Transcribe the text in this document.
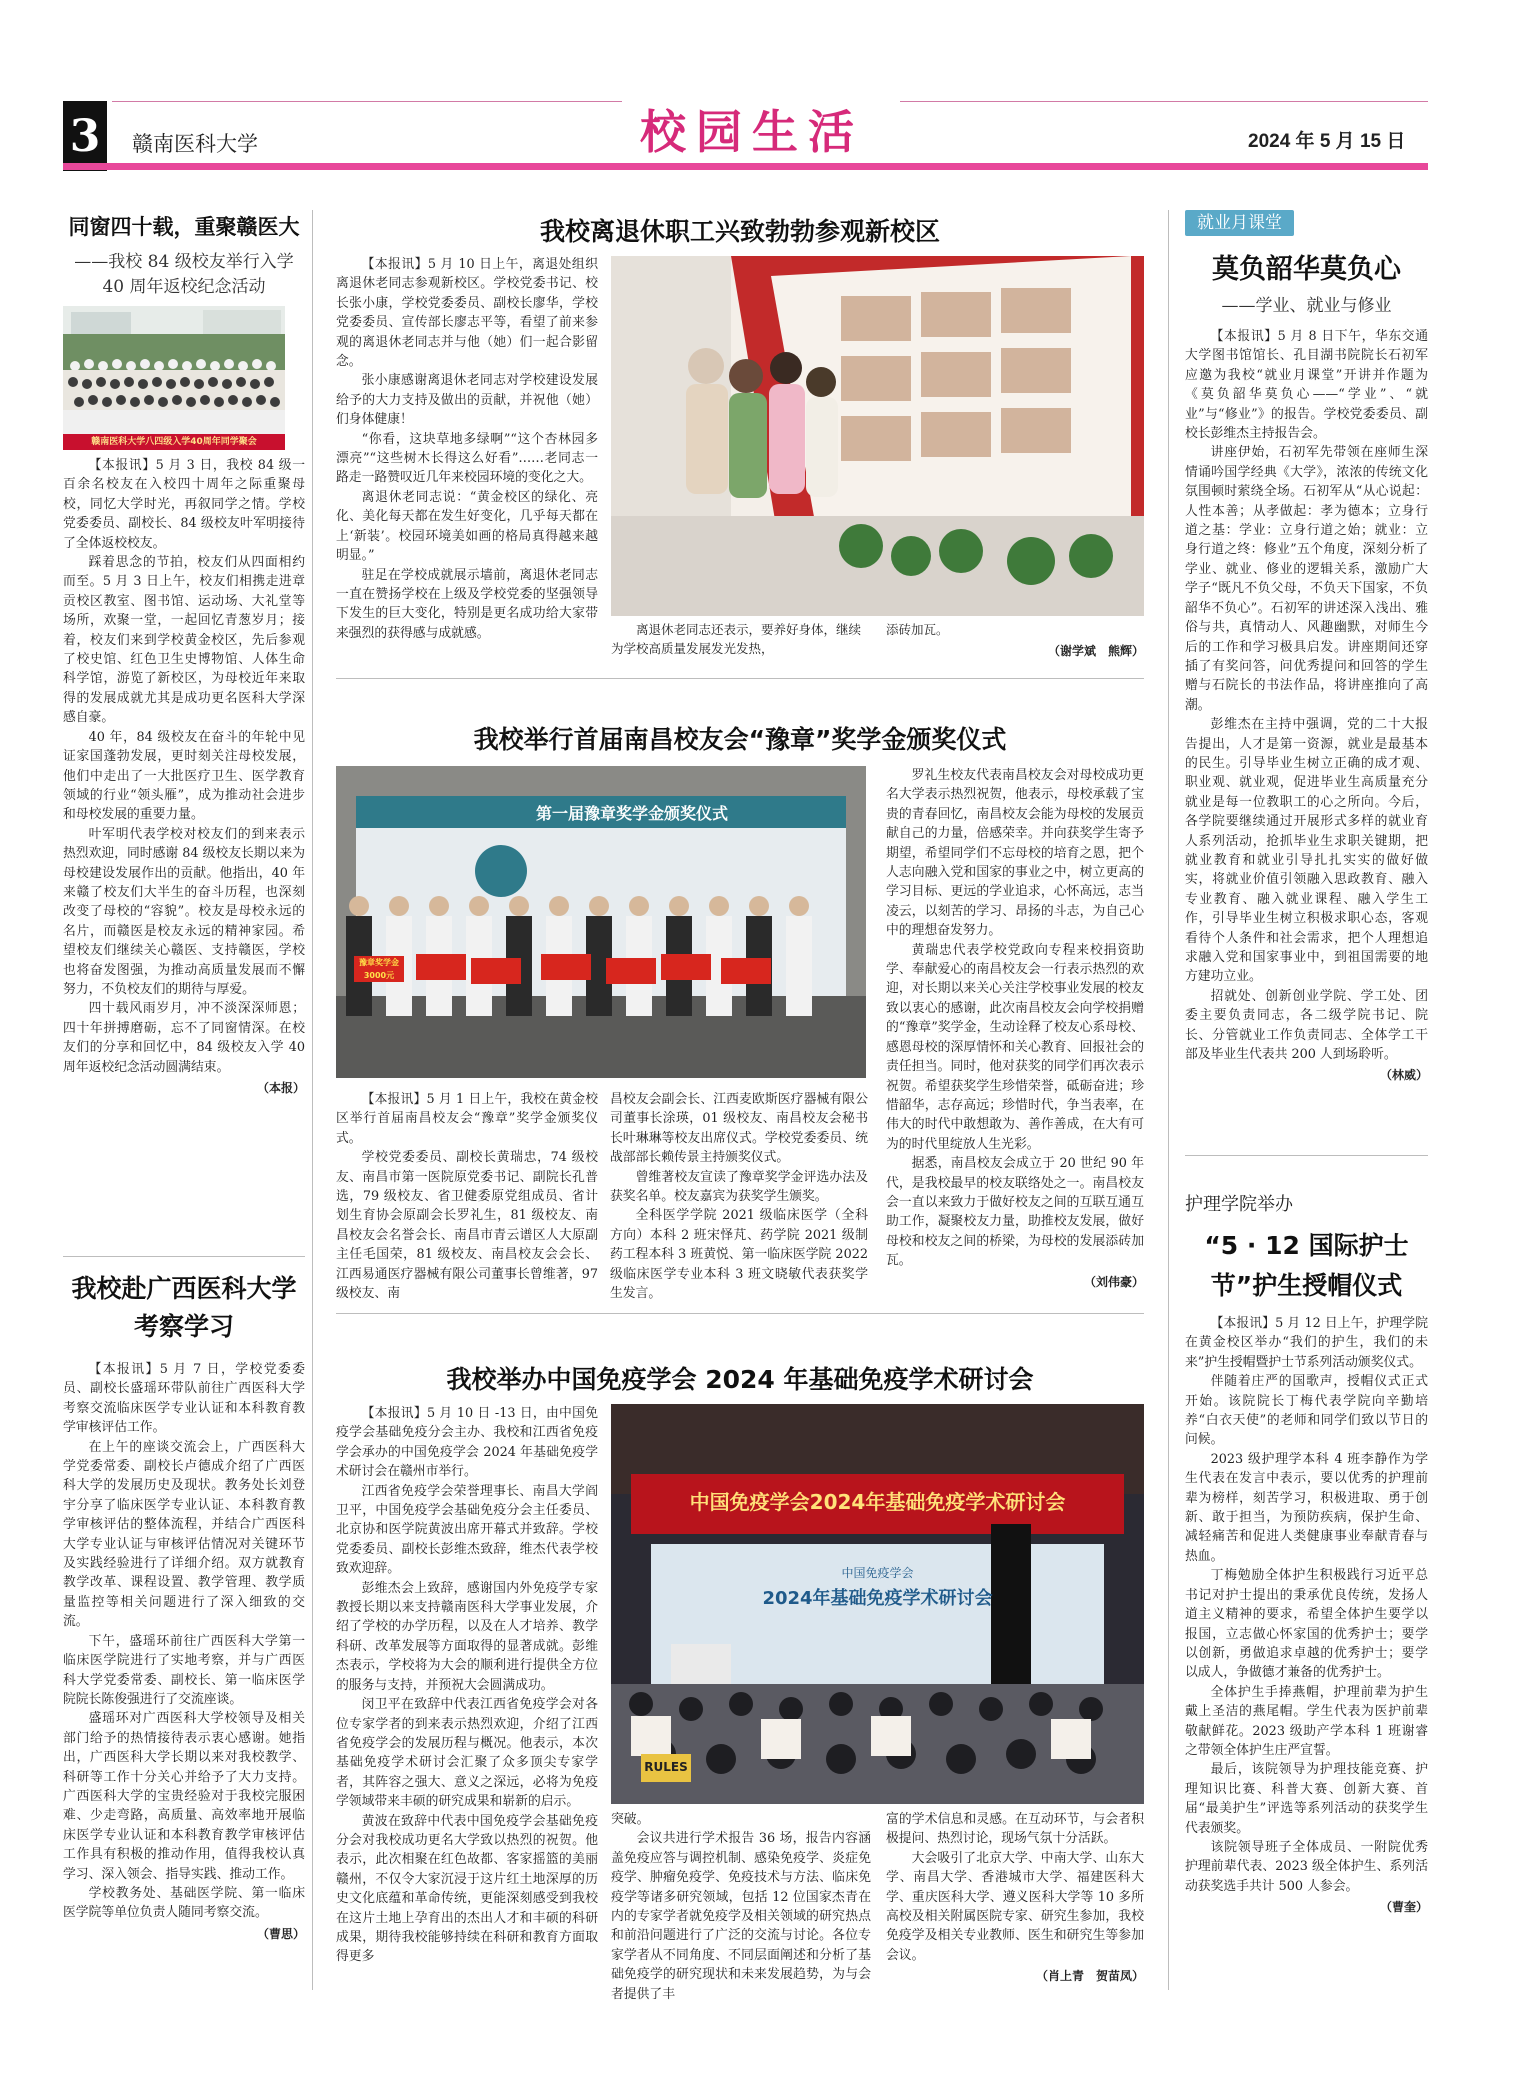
3	赣南医科大学	校园生活	2024 年 5 月 15 日
同窗四十载，重聚赣医大
——我校 84 级校友举行入学 40 周年返校纪念活动
赣南医科大学八四级入学40周年同学聚会

【本报讯】5 月 3 日，我校 84 级一百余名校友在入校四十周年之际重聚母校，同忆大学时光，再叙同学之情。学校党委委员、副校长、84 级校友叶军明接待了全体返校校友。

踩着思念的节拍，校友们从四面相约而至。5 月 3 日上午，校友们相携走进章贡校区教室、图书馆、运动场、大礼堂等场所，欢聚一堂，一起回忆青葱岁月；接着，校友们来到学校黄金校区，先后参观了校史馆、红色卫生史博物馆、人体生命科学馆，游览了新校区，为母校近年来取得的发展成就尤其是成功更名医科大学深感自豪。

40 年，84 级校友在奋斗的年轮中见证家国蓬勃发展，更时刻关注母校发展，他们中走出了一大批医疗卫生、医学教育领域的行业“领头雁”，成为推动社会进步和母校发展的重要力量。

叶军明代表学校对校友们的到来表示热烈欢迎，同时感谢 84 级校友长期以来为母校建设发展作出的贡献。他指出，40 年来赣了校友们大半生的奋斗历程，也深刻改变了母校的“容貌”。校友是母校永远的名片，而赣医是校友永远的精神家园。希望校友们继续关心赣医、支持赣医，学校也将奋发图强，为推动高质量发展而不懈努力，不负校友们的期待与厚爱。

四十载风雨岁月，冲不淡深深师恩；四十年拼搏磨砺，忘不了同窗情深。在校友们的分享和回忆中，84 级校友入学 40 周年返校纪念活动圆满结束。

（本报）
我校赴广西医科大学考察学习

【本报讯】5 月 7 日，学校党委委员、副校长盛瑶环带队前往广西医科大学考察交流临床医学专业认证和本科教育教学审核评估工作。

在上午的座谈交流会上，广西医科大学党委常委、副校长卢德成介绍了广西医科大学的发展历史及现状。教务处长刘登宇分享了临床医学专业认证、本科教育教学审核评估的整体流程，并结合广西医科大学专业认证与审核评估情况对关键环节及实践经验进行了详细介绍。双方就教育教学改革、课程设置、教学管理、教学质量监控等相关问题进行了深入细致的交流。

下午，盛瑶环前往广西医科大学第一临床医学院进行了实地考察，并与广西医科大学党委常委、副校长、第一临床医学院院长陈俊强进行了交流座谈。

盛瑶环对广西医科大学校领导及相关部门给予的热情接待表示衷心感谢。她指出，广西医科大学长期以来对我校教学、科研等工作十分关心并给予了大力支持。广西医科大学的宝贵经验对于我校完服困难、少走弯路，高质量、高效率地开展临床医学专业认证和本科教育教学审核评估工作具有积极的推动作用，值得我校认真学习、深入领会、指导实践、推动工作。

学校教务处、基础医学院、第一临床医学院等单位负责人随同考察交流。

（曹思）
我校离退休职工兴致勃勃参观新校区

【本报讯】5 月 10 日上午，离退处组织离退休老同志参观新校区。学校党委书记、校长张小康，学校党委委员、副校长廖华，学校党委委员、宣传部长廖志平等，看望了前来参观的离退休老同志并与他（她）们一起合影留念。

张小康感谢离退休老同志对学校建设发展给予的大力支持及做出的贡献，并祝他（她）们身体健康！

“你看，这块草地多绿啊”“这个杏林园多漂亮”“这些树木长得这么好看”……老同志一路走一路赞叹近几年来校园环境的变化之大。

离退休老同志说：“黄金校区的绿化、亮化、美化每天都在发生好变化，几乎每天都在上‘新装’。校园环境美如画的格局真得越来越明显。”

驻足在学校成就展示墙前，离退休老同志一直在赞扬学校在上级及学校党委的坚强领导下发生的巨大变化，特别是更名成功给大家带来强烈的获得感与成就感。	离退休老同志还表示，要养好身体，继续为学校高质量发展发光发热，
添砖加瓦。
（谢学斌　熊辉）
我校举行首届南昌校友会“豫章”奖学金颁奖仪式
第一届豫章奖学金颁奖仪式
豫章奖学金 3000元

【本报讯】5 月 1 日上午，我校在黄金校区举行首届南昌校友会“豫章”奖学金颁奖仪式。

学校党委委员、副校长黄瑞忠，74 级校友、南昌市第一医院原党委书记、副院长孔普选，79 级校友、省卫健委原党组成员、省计划生育协会原副会长罗礼生，81 级校友、南昌校友会名誉会长、南昌市青云谱区人大原副主任毛国荣，81 级校友、南昌校友会会长、江西易通医疗器械有限公司董事长曾维著，97 级校友、南

昌校友会副会长、江西麦欧斯医疗器械有限公司董事长涂瑛，01 级校友、南昌校友会秘书长叶琳琳等校友出席仪式。学校党委委员、统战部部长赖传景主持颁奖仪式。

曾维著校友宣读了豫章奖学金评选办法及获奖名单。校友嘉宾为获奖学生颁奖。

全科医学学院 2021 级临床医学（全科方向）本科 2 班宋怿芃、药学院 2021 级制药工程本科 3 班黄悦、第一临床医学院 2022 级临床医学专业本科 3 班文晓敏代表获奖学生发言。

罗礼生校友代表南昌校友会对母校成功更名大学表示热烈祝贺，他表示，母校承载了宝贵的青春回忆，南昌校友会能为母校的发展贡献自己的力量，倍感荣幸。并向获奖学生寄予期望，希望同学们不忘母校的培育之恩，把个人志向融入党和国家的事业之中，树立更高的学习目标、更远的学业追求，心怀高远，志当凌云，以刻苦的学习、昂扬的斗志，为自己心中的理想奋发努力。

黄瑞忠代表学校党政向专程来校捐资助学、奉献爱心的南昌校友会一行表示热烈的欢迎，对长期以来关心关注学校事业发展的校友致以衷心的感谢，此次南昌校友会向学校捐赠的“豫章”奖学金，生动诠释了校友心系母校、感恩母校的深厚情怀和关心教育、回报社会的责任担当。同时，他对获奖的同学们再次表示祝贺。希望获奖学生珍惜荣誉，砥砺奋进；珍惜韶华，志存高远；珍惜时代，争当表率，在伟大的时代中敢想敢为、善作善成，在大有可为的时代里绽放人生光彩。

据悉，南昌校友会成立于 20 世纪 90 年代，是我校最早的校友联络处之一。南昌校友会一直以来致力于做好校友之间的互联互通互助工作，凝聚校友力量，助推校友发展，做好母校和校友之间的桥梁，为母校的发展添砖加瓦。

（刘伟豪）
我校举办中国免疫学会 2024 年基础免疫学术研讨会

【本报讯】5 月 10 日 -13 日，由中国免疫学会基础免疫分会主办、我校和江西省免疫学会承办的中国免疫学会 2024 年基础免疫学术研讨会在赣州市举行。

江西省免疫学会荣誉理事长、南昌大学阎卫平，中国免疫学会基础免疫分会主任委员、北京协和医学院黄波出席开幕式并致辞。学校党委委员、副校长彭维杰致辞，维杰代表学校致欢迎辞。

彭维杰会上致辞，感谢国内外免疫学专家教授长期以来支持赣南医科大学事业发展，介绍了学校的办学历程，以及在人才培养、教学科研、改革发展等方面取得的显著成就。彭维杰表示，学校将为大会的顺利进行提供全方位的服务与支持，并预祝大会圆满成功。

闵卫平在致辞中代表江西省免疫学会对各位专家学者的到来表示热烈欢迎，介绍了江西省免疫学会的发展历程与概况。他表示，本次基础免疫学术研讨会汇聚了众多顶尖专家学者，其阵容之强大、意义之深远，必将为免疫学领域带来丰硕的研究成果和崭新的启示。

黄波在致辞中代表中国免疫学会基础免疫分会对我校成功更名大学致以热烈的祝贺。他表示，此次相聚在红色故都、客家摇篮的美丽赣州，不仅令大家沉浸于这片红土地深厚的历史文化底蕴和革命传统，更能深刻感受到我校在这片土地上孕育出的杰出人才和丰硕的科研成果，期待我校能够持续在科研和教育方面取得更多

中国免疫学会2024年基础免疫学术研讨会
中国免疫学会
2024年基础免疫学术研讨会
RULES

突破。

会议共进行学术报告 36 场，报告内容涵盖免疫应答与调控机制、感染免疫学、炎症免疫学、肿瘤免疫学、免疫技术与方法、临床免疫学等诸多研究领域，包括 12 位国家杰青在内的专家学者就免疫学及相关领域的研究热点和前沿问题进行了广泛的交流与讨论。各位专家学者从不同角度、不同层面阐述和分析了基础免疫学的研究现状和未来发展趋势，为与会者提供了丰

富的学术信息和灵感。在互动环节，与会者积极提问、热烈讨论，现场气氛十分活跃。

大会吸引了北京大学、中南大学、山东大学、南昌大学、香港城市大学、福建医科大学、重庆医科大学、遵义医科大学等 10 多所高校及相关附属医院专家、研究生参加，我校免疫学及相关专业教师、医生和研究生等参加会议。

（肖上青　贺苗凤）
就业月课堂
莫负韶华莫负心
——学业、就业与修业

【本报讯】5 月 8 日下午，华东交通大学图书馆馆长、孔目湖书院院长石初军应邀为我校“就业月课堂”开讲并作题为《莫负韶华莫负心——“学业”、“就业”与“修业”》的报告。学校党委委员、副校长彭维杰主持报告会。

讲座伊始，石初军先带领在座师生深情诵吟国学经典《大学》，浓浓的传统文化氛围顿时萦绕全场。石初军从“从心说起：人性本善；从孝做起：孝为德本；立身行道之基：学业：立身行道之始；就业：立身行道之终：修业”五个角度，深刻分析了学业、就业、修业的逻辑关系，激励广大学子“既凡不负父母，不负天下国家，不负韶华不负心”。石初军的讲述深入浅出、雅俗与共，真情动人、风趣幽默，对师生今后的工作和学习极具启发。讲座期间还穿插了有奖问答，问优秀提问和回答的学生赠与石院长的书法作品，将讲座推向了高潮。

彭维杰在主持中强调，党的二十大报告提出，人才是第一资源，就业是最基本的民生。引导毕业生树立正确的成才观、职业观、就业观，促进毕业生高质量充分就业是每一位教职工的心之所向。今后，各学院要继续通过开展形式多样的就业育人系列活动，抢抓毕业生求职关键期，把就业教育和就业引导扎扎实实的做好做实，将就业价值引领融入思政教育、融入专业教育、融入就业课程、融入学生工作，引导毕业生树立积极求职心态，客观看待个人条件和社会需求，把个人理想追求融入党和国家事业中，到祖国需要的地方建功立业。

招就处、创新创业学院、学工处、团委主要负责同志，各二级学院书记、院长、分管就业工作负责同志、全体学工干部及毕业生代表共 200 人到场聆听。

（林威）
护理学院举办
“5 · 12 国际护士节”护生授帽仪式

【本报讯】5 月 12 日上午，护理学院在黄金校区举办“我们的护生，我们的未来”护生授帽暨护士节系列活动颁奖仪式。

伴随着庄严的国歌声，授帽仪式正式开始。该院院长丁梅代表学院向辛勤培养“白衣天使”的老师和同学们致以节日的问候。

2023 级护理学本科 4 班李静作为学生代表在发言中表示，要以优秀的护理前辈为榜样，刻苦学习，积极进取、勇于创新、敢于担当，为预防疾病，保护生命、减轻痛苦和促进人类健康事业奉献青春与热血。

丁梅勉励全体护生积极践行习近平总书记对护士提出的秉承优良传统，发扬人道主义精神的要求，希望全体护生要学以报国，立志做心怀家国的优秀护士；要学以创新，勇做追求卓越的优秀护士；要学以成人，争做德才兼备的优秀护士。

全体护生手捧燕帽，护理前辈为护生戴上圣洁的燕尾帽。学生代表为医护前辈敬献鲜花。2023 级助产学本科 1 班谢睿之带领全体护生庄严宣誓。

最后，该院领导为护理技能竞赛、护理知识比赛、科普大赛、创新大赛、首届“最美护生”评选等系列活动的获奖学生代表颁奖。

该院领导班子全体成员、一附院优秀护理前辈代表、2023 级全体护生、系列活动获奖选手共计 500 人参会。

（曹奎）
